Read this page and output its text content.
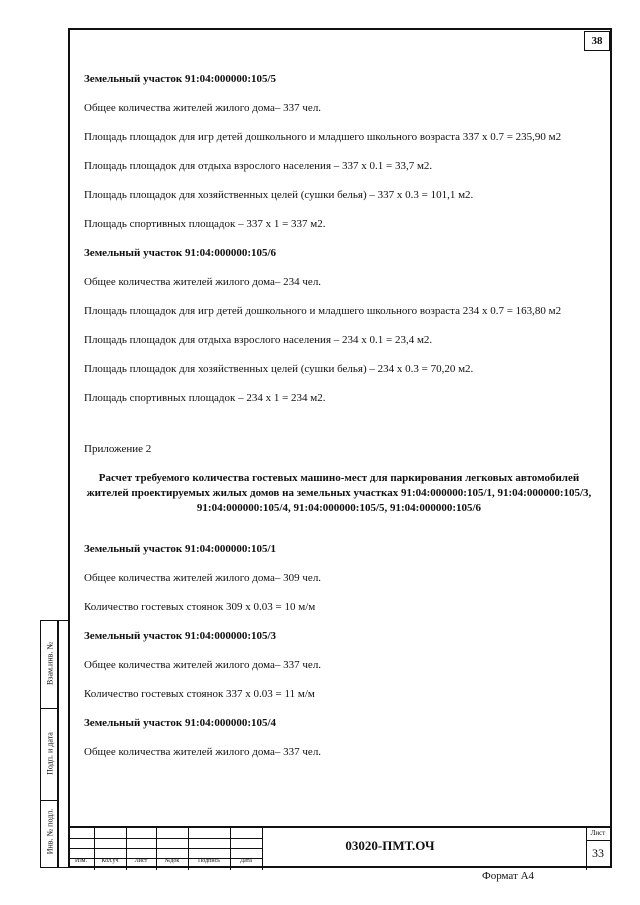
38

Земельный участок 91:04:000000:105/5

Общее количества жителей жилого дома– 337 чел.

Площадь площадок для игр детей дошкольного и младшего школьного возраста 337 х 0.7 = 235,90 м2

Площадь площадок для отдыха взрослого населения – 337 х 0.1 = 33,7 м2.

Площадь площадок для хозяйственных целей (сушки белья) – 337 х 0.3 = 101,1 м2.

Площадь спортивных площадок – 337 х 1 = 337 м2.

Земельный участок 91:04:000000:105/6

Общее количества жителей жилого дома– 234 чел.

Площадь площадок для игр детей дошкольного и младшего школьного возраста 234 х 0.7 = 163,80 м2

Площадь площадок для отдыха взрослого населения – 234 х 0.1 = 23,4 м2.

Площадь площадок для хозяйственных целей (сушки белья) – 234 х 0.3 = 70,20 м2.

Площадь спортивных площадок – 234 х 1 = 234 м2.

Приложение 2

Расчет требуемого количества гостевых машино-мест для паркирования легковых автомобилей жителей проектируемых жилых домов на земельных участках 91:04:000000:105/1, 91:04:000000:105/3, 91:04:000000:105/4, 91:04:000000:105/5, 91:04:000000:105/6

Земельный участок 91:04:000000:105/1

Общее количества жителей жилого дома– 309 чел.

Количество гостевых стоянок 309 х 0.03 = 10 м/м

Земельный участок 91:04:000000:105/3

Общее количества жителей жилого дома– 337 чел.

Количество гостевых стоянок 337 х 0.03 = 11 м/м

Земельный участок 91:04:000000:105/4

Общее количества жителей жилого дома– 337 чел.

Взам.инв. №
Подп. и дата
Инв. № подл.
Изм.	Кол.уч	Лист	№док	Подпись	Дата
03020-ПМТ.ОЧ
Лист
33
Формат А4
